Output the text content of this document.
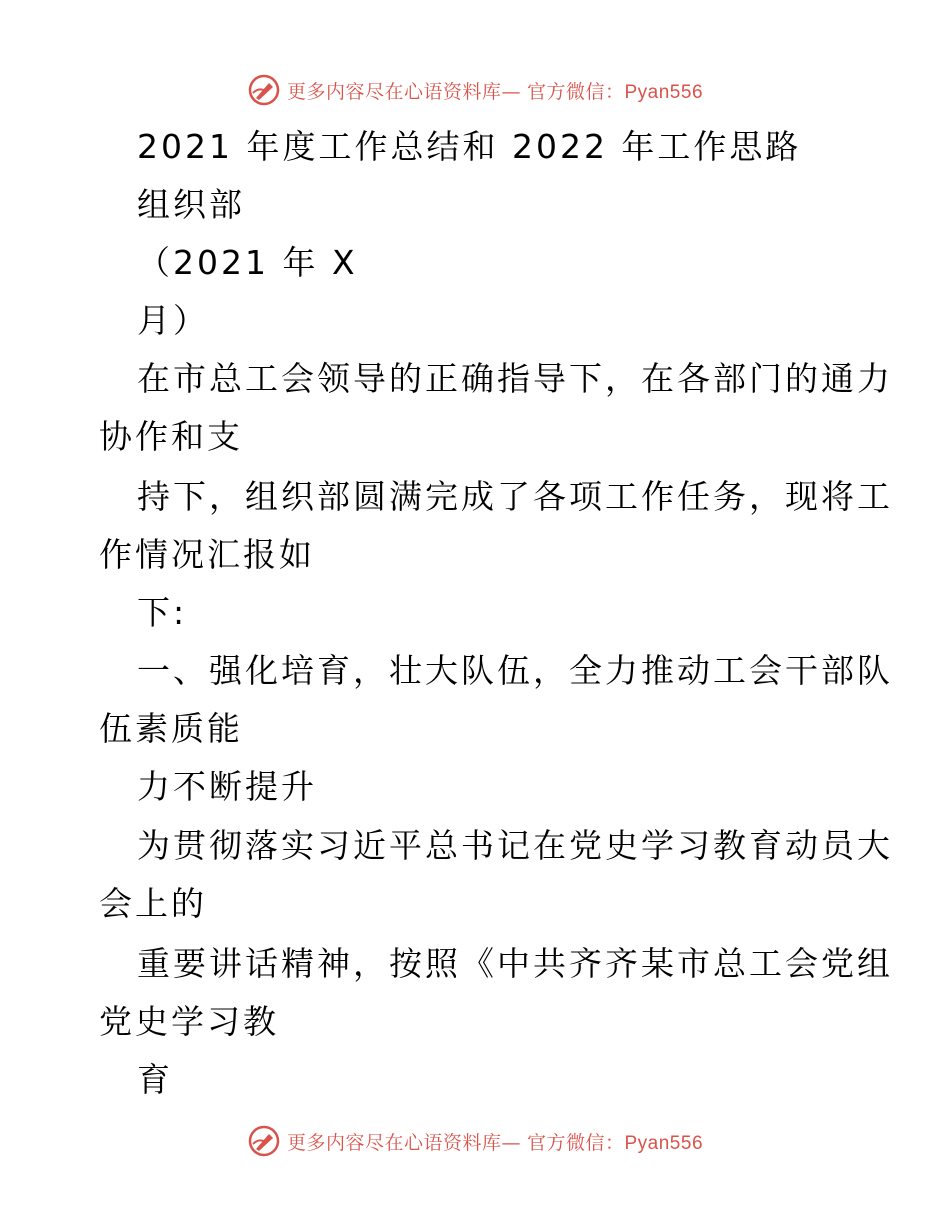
更多内容尽在心语资料库— 官方微信：Pyan556
2021 年度工作总结和 2022 年工作思路
组织部
（2021 年 X
月）
在市总工会领导的正确指导下，在各部门的通力
协作和支
持下，组织部圆满完成了各项工作任务，现将工
作情况汇报如
下:
一、强化培育，壮大队伍，全力推动工会干部队
伍素质能
力不断提升
为贯彻落实习近平总书记在党史学习教育动员大
会上的
重要讲话精神，按照《中共齐齐某市总工会党组
党史学习教
育
更多内容尽在心语资料库— 官方微信：Pyan556
